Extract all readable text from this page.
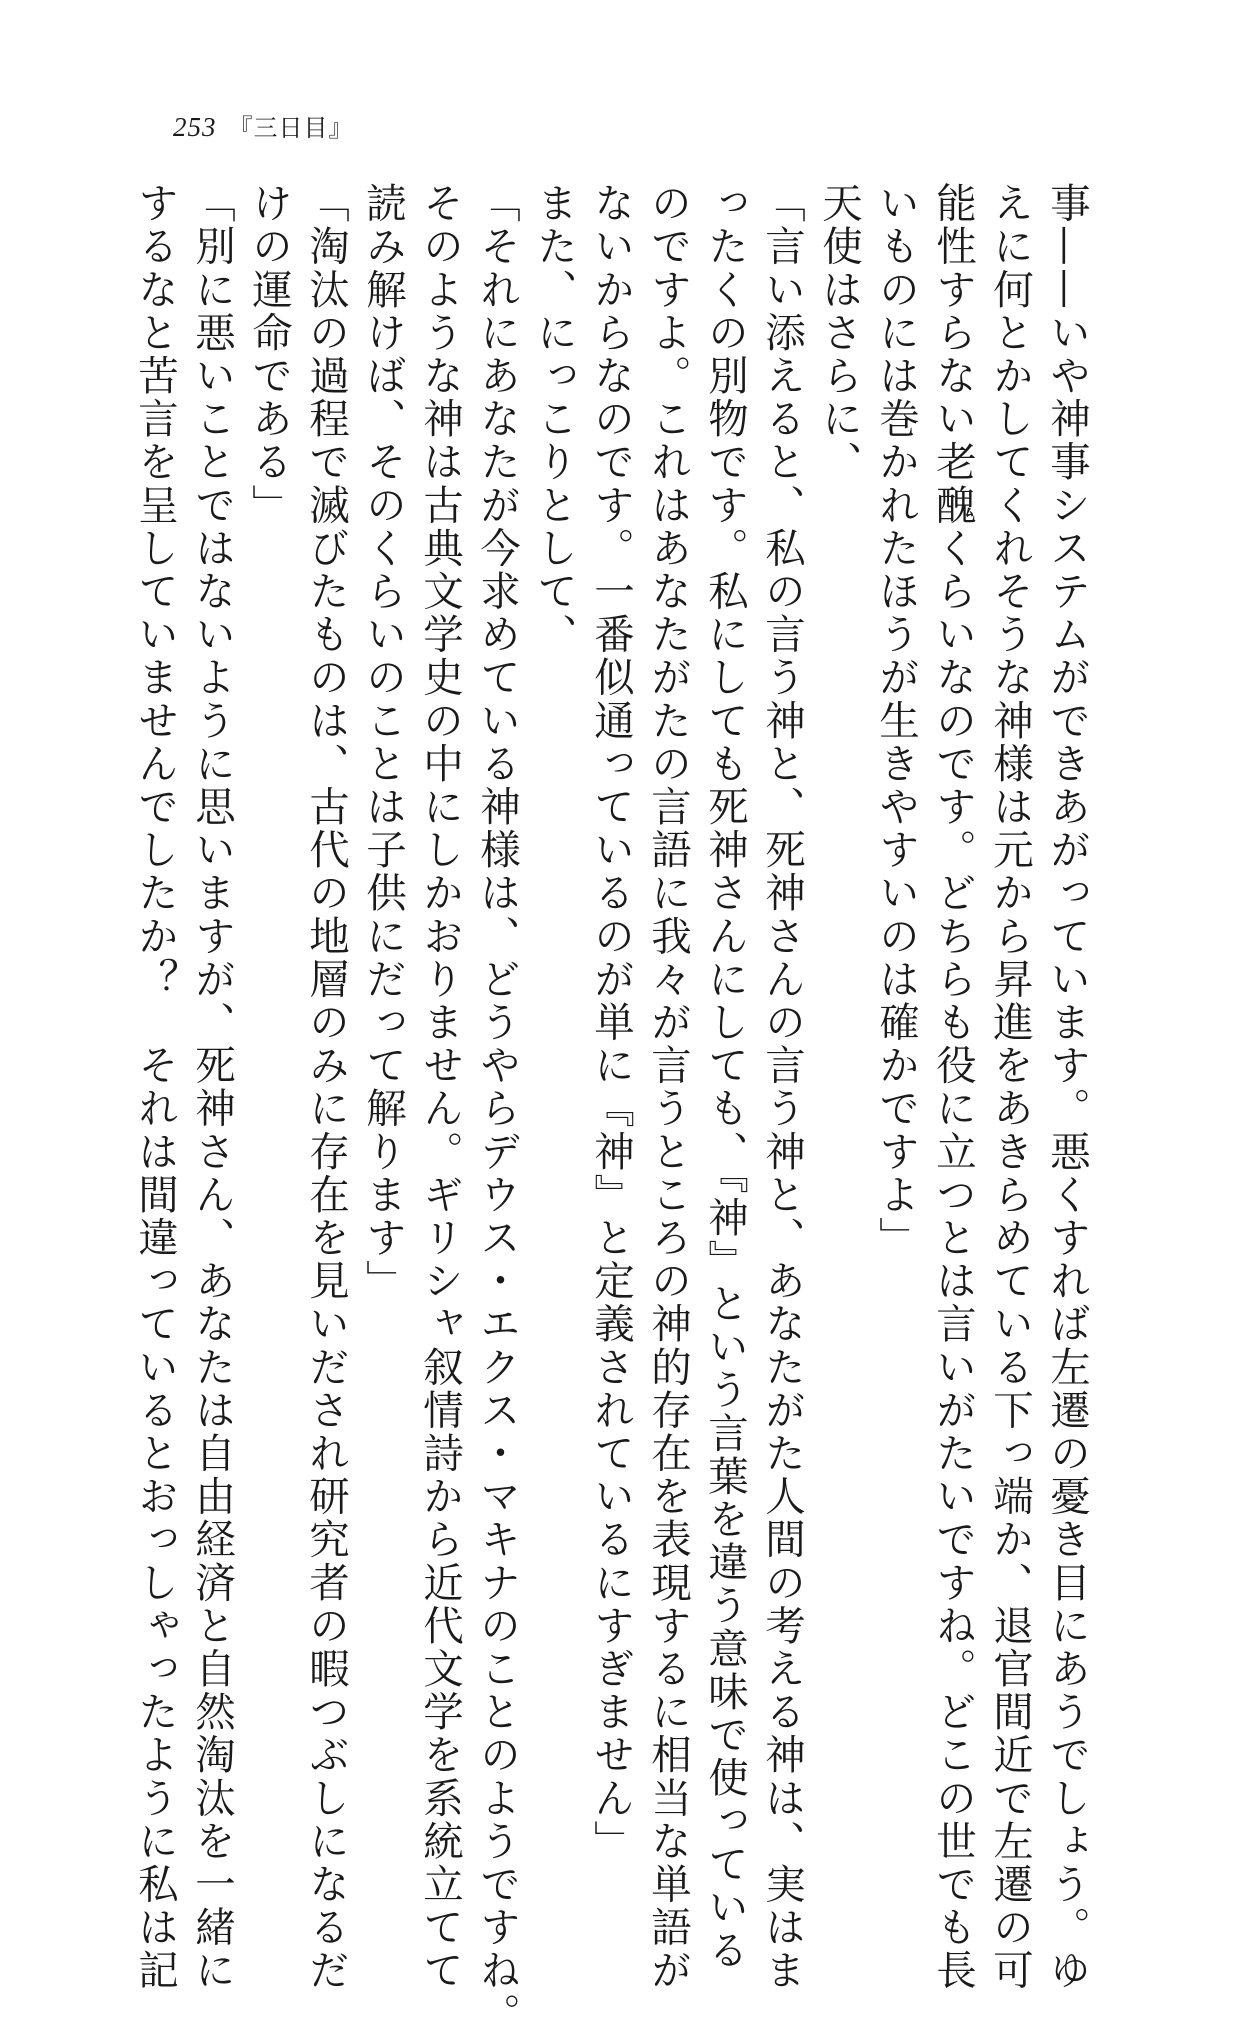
253 『三日目』

事——いや神事システムができあがっています。悪くすれば左遷の憂き目にあうでしょう。ゆ

えに何とかしてくれそうな神様は元から昇進をあきらめている下っ端か、退官間近で左遷の可

能性すらない老醜くらいなのです。どちらも役に立つとは言いがたいですね。どこの世でも長

いものには巻かれたほうが生きやすいのは確かですよ」

天使はさらに、

「言い添えると、私の言う神と、死神さんの言う神と、あなたがた人間の考える神は、実はま

ったくの別物です。私にしても死神さんにしても、『神』という言葉を違う意味で使っている

のですよ。これはあなたがたの言語に我々が言うところの神的存在を表現するに相当な単語が

ないからなのです。一番似通っているのが単に『神』と定義されているにすぎません」

また、にっこりとして、

「それにあなたが今求めている神様は、どうやらデウス・エクス・マキナのことのようですね。

そのような神は古典文学史の中にしかおりません。ギリシャ叙情詩から近代文学を系統立てて

読み解けば、そのくらいのことは子供にだって解ります」

「淘汰の過程で滅びたものは、古代の地層のみに存在を見いだされ研究者の暇つぶしになるだ

けの運命である」

「別に悪いことではないように思いますが、死神さん、あなたは自由経済と自然淘汰を一緒に

するなと苦言を呈していませんでしたか？　それは間違っているとおっしゃったように私は記
